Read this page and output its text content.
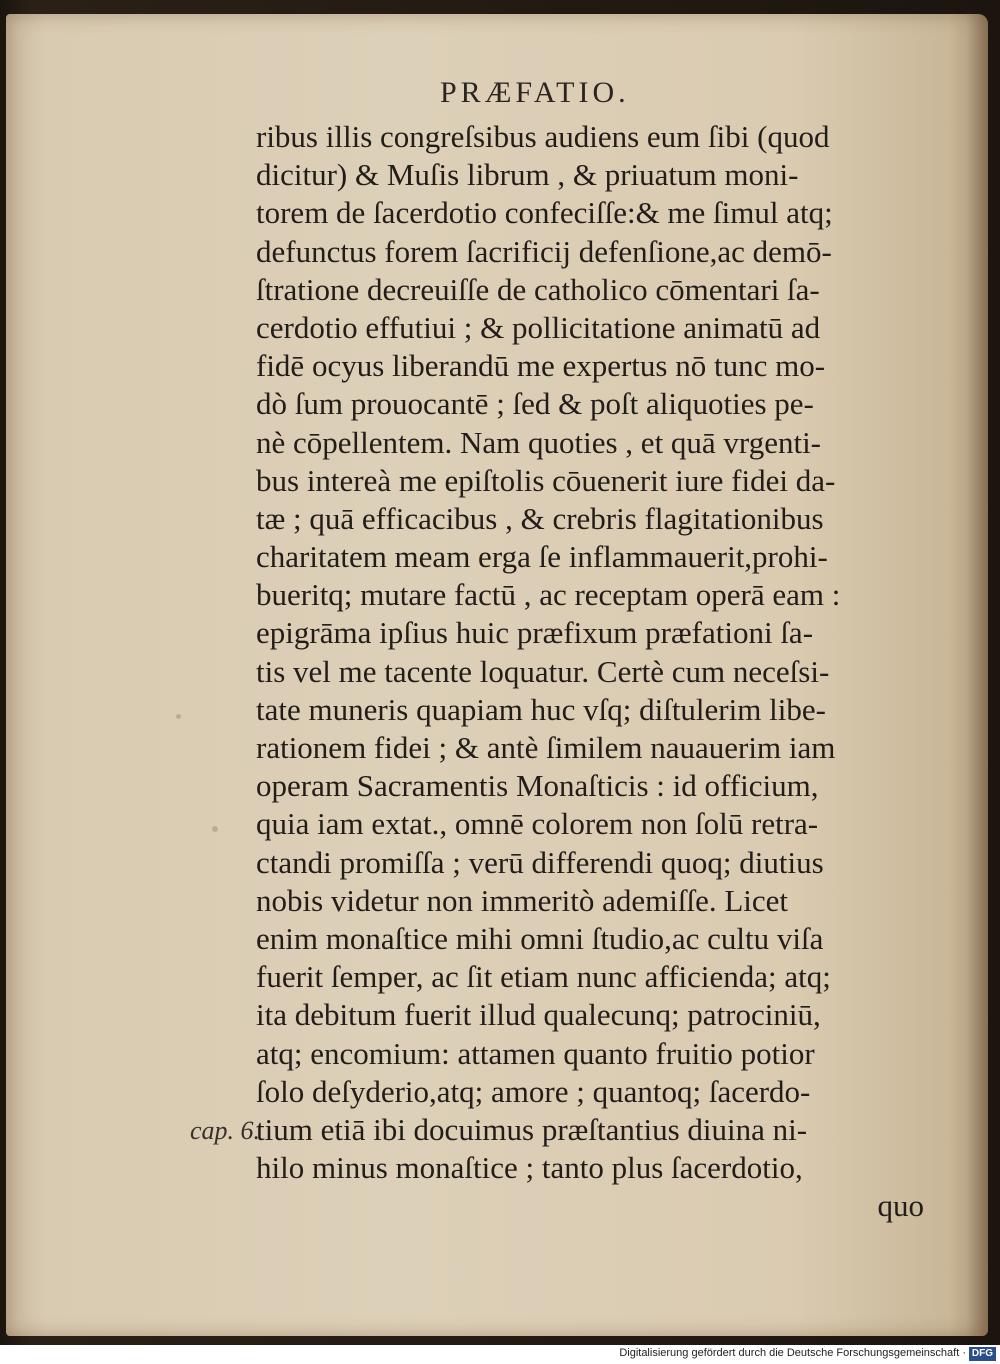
PRÆFATIO.
ribus illis congreſsibus audiens eum ſibi (quod
dicitur) & Muſis librum , & priuatum moni-
torem de ſacerdotio confeciſſe:& me ſimul atq;
defunctus forem ſacrificij defenſione,ac demō-
ſtratione decreuiſſe de catholico cōmentari ſa-
cerdotio effutiui ; & pollicitatione animatū ad
fidē ocyus liberandū me expertus nō tunc mo-
dò ſum prouocantē ; ſed & poſt aliquoties pe-
nè cōpellentem. Nam quoties , et quā vrgenti-
bus intereà me epiſtolis cōuenerit iure fidei da-
tæ ; quā efficacibus , & crebris flagitationibus
charitatem meam erga ſe inflammauerit,prohi-
bueritq; mutare factū , ac receptam operā eam :
epigrāma ipſius huic præfixum præfationi ſa-
tis vel me tacente loquatur. Certè cum neceſsi-
tate muneris quapiam huc vſq; diſtulerim libe-
rationem fidei ; & antè ſimilem nauauerim iam
operam Sacramentis Monaſticis : id officium,
quia iam extat., omnē colorem non ſolū retra-
ctandi promiſſa ; verū differendi quoq; diutius
nobis videtur non immeritò ademiſſe. Licet
enim monaſtice mihi omni ſtudio,ac cultu viſa
fuerit ſemper, ac ſit etiam nunc afficienda; atq;
ita debitum fuerit illud qualecunq; patrociniū,
atq; encomium: attamen quanto fruitio potior
ſolo deſyderio,atq; amore ; quantoq; ſacerdo-
tium etiā ibi docuimus præſtantius diuina ni-
hilo minus monaſtice ; tanto plus ſacerdotio,
quo
cap. 6.
Digitalisierung gefördert durch die Deutsche Forschungsgemeinschaft · DFG
